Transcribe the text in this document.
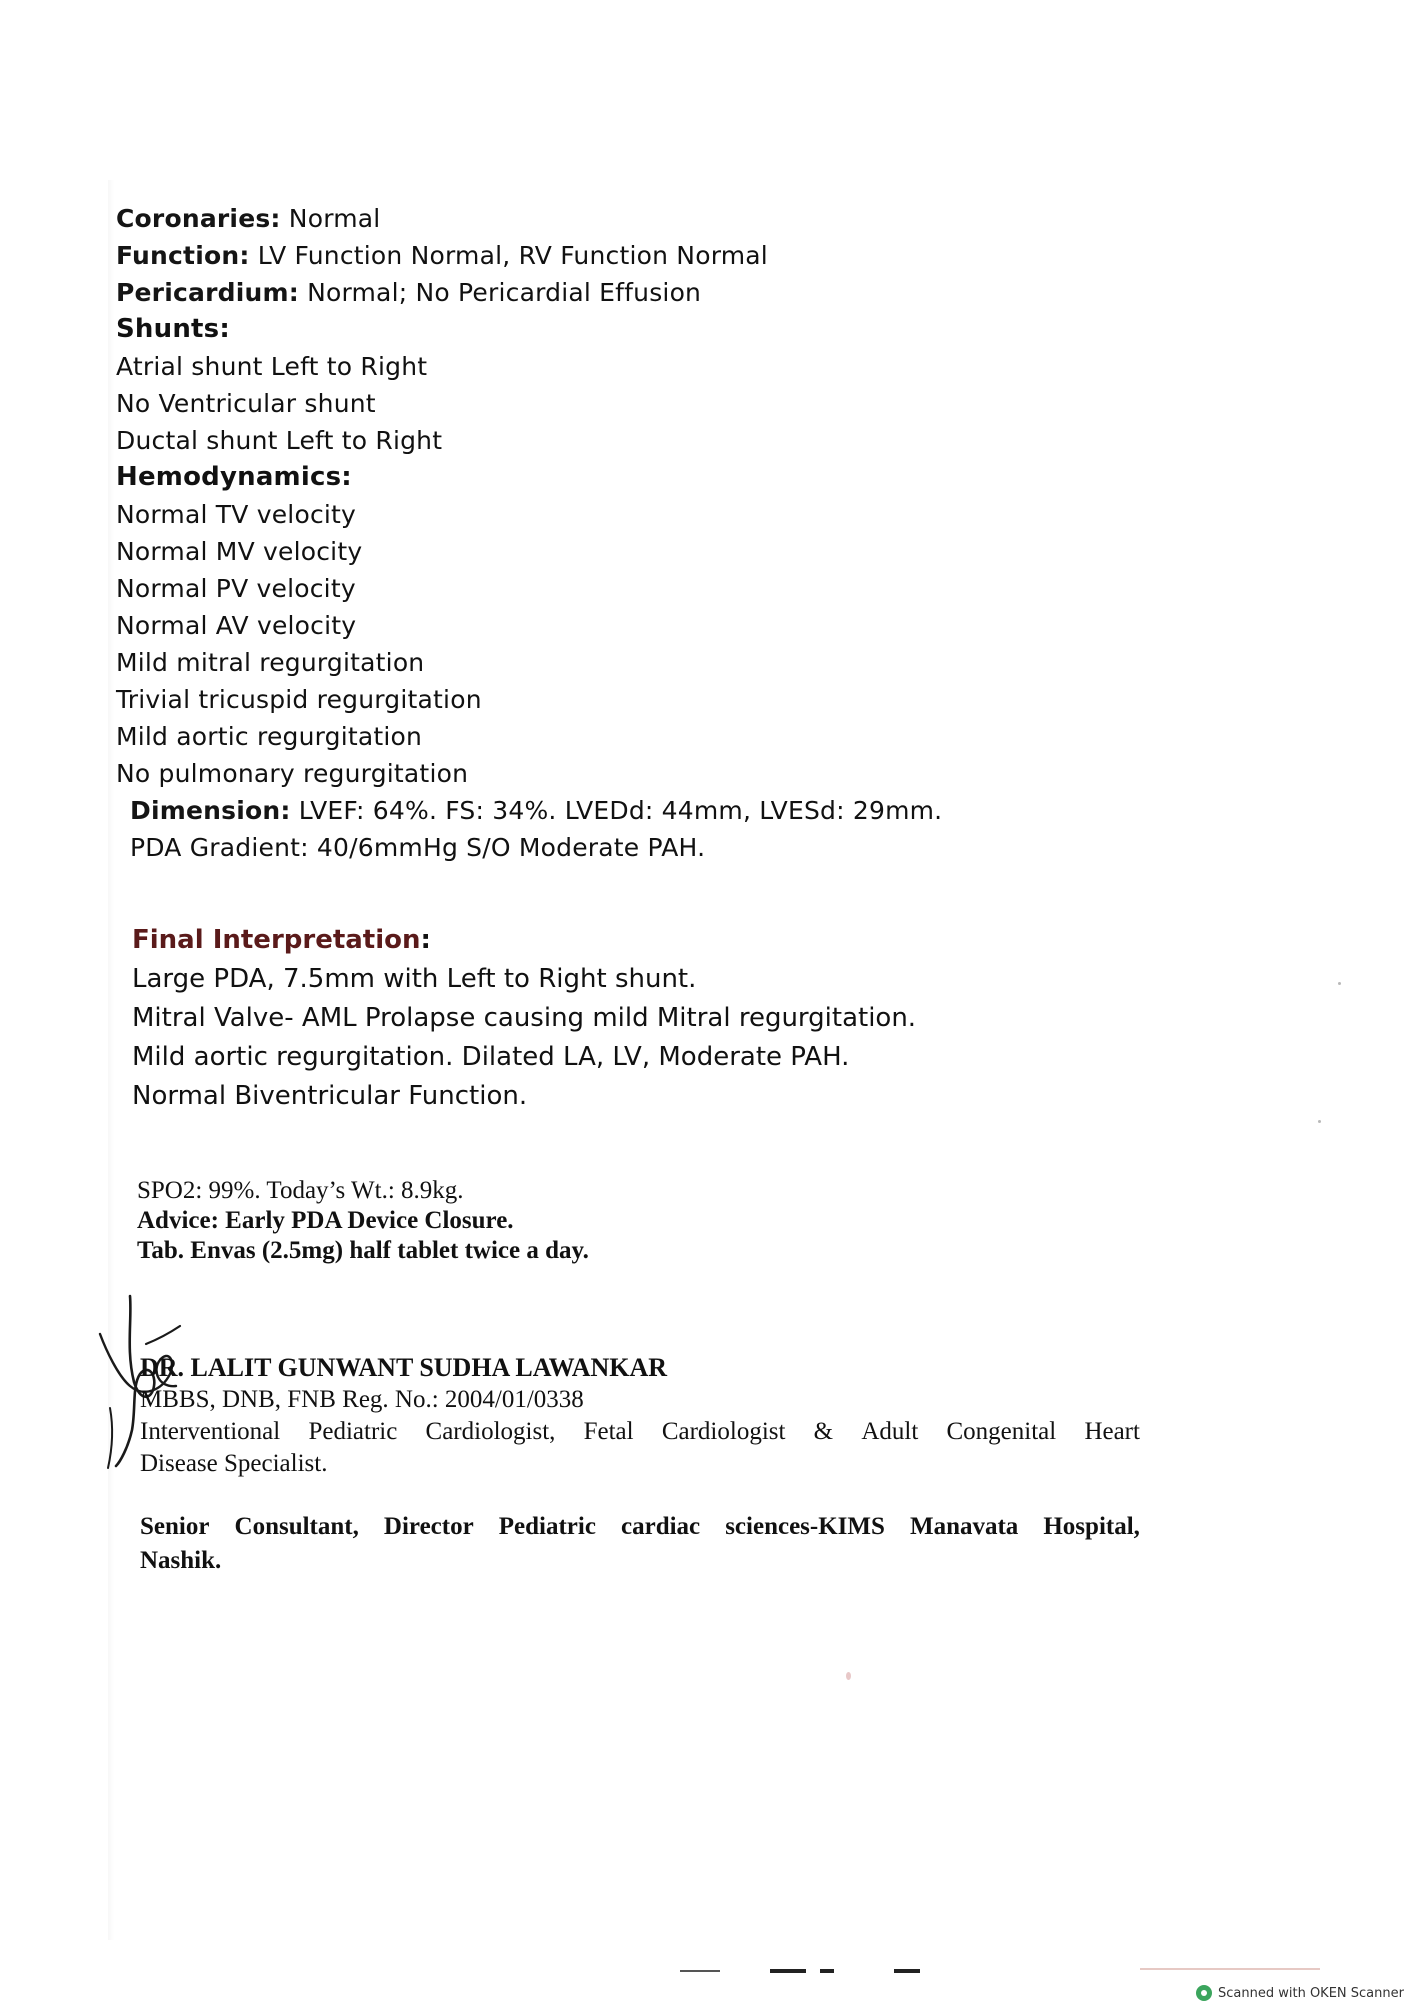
Coronaries: Normal
Function: LV Function Normal, RV Function Normal
Pericardium: Normal; No Pericardial Effusion
Shunts:
Atrial shunt Left to Right
No Ventricular shunt
Ductal shunt Left to Right
Hemodynamics:
Normal TV velocity
Normal MV velocity
Normal PV velocity
Normal AV velocity
Mild mitral regurgitation
Trivial tricuspid regurgitation
Mild aortic regurgitation
No pulmonary regurgitation
Dimension: LVEF: 64%. FS: 34%. LVEDd: 44mm, LVESd: 29mm.
PDA Gradient: 40/6mmHg S/O Moderate PAH.
Final Interpretation:
Large PDA, 7.5mm with Left to Right shunt.
Mitral Valve- AML Prolapse causing mild Mitral regurgitation.
Mild aortic regurgitation. Dilated LA, LV, Moderate PAH.
Normal Biventricular Function.
SPO2: 99%. Today’s Wt.: 8.9kg.
Advice: Early PDA Device Closure.
Tab. Envas (2.5mg) half tablet twice a day.
DR. LALIT GUNWANT SUDHA LAWANKAR
MBBS, DNB, FNB Reg. No.: 2004/01/0338
Interventional Pediatric Cardiologist, Fetal Cardiologist & Adult Congenital Heart
Disease Specialist.
Senior Consultant, Director Pediatric cardiac sciences-KIMS Manavata Hospital,
Nashik.
Scanned with OKEN Scanner
